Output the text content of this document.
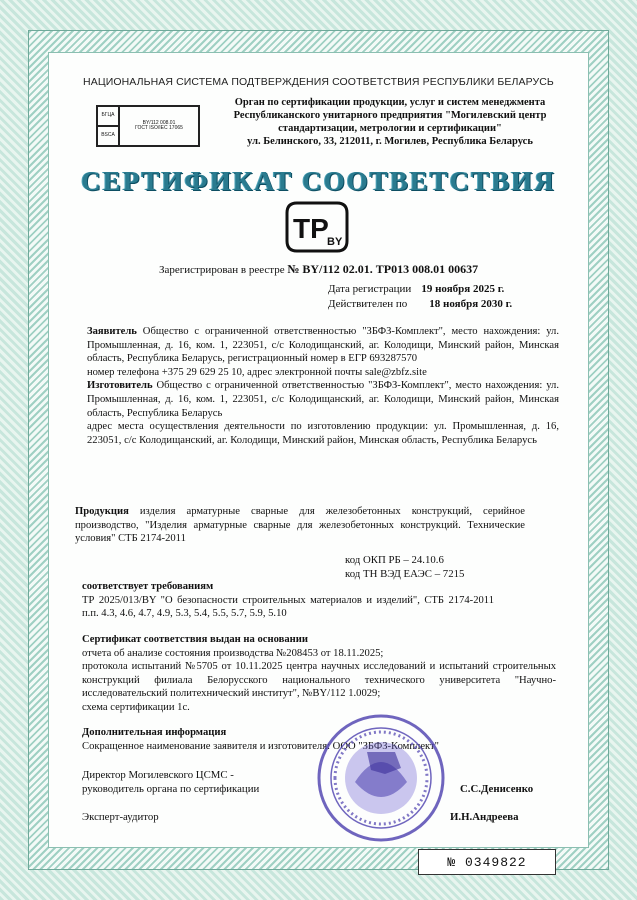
НАЦИОНАЛЬНАЯ СИСТЕМА ПОДТВЕРЖДЕНИЯ СООТВЕТСТВИЯ РЕСПУБЛИКИ БЕЛАРУСЬ
БГЦА
BY/112 008.01
ГОСТ ISO/IEC 17065
BSCA
Орган по сертификации продукции, услуг и систем менеджмента
Республиканского унитарного предприятия "Могилевский центр
стандартизации, метрологии и сертификации"
ул. Белинского, 33, 212011, г. Могилев, Республика Беларусь
СЕРТИФИКАТ СООТВЕТСТВИЯ
TP
BY
Зарегистрирован в реестре № BY/112 02.01. ТР013 008.01 00637
Дата регистрации 19 ноября 2025 г.
Действителен по 18 ноября 2030 г.
Заявитель Общество с ограниченной ответственностью "ЗБФЗ-Комплект", место нахождения: ул. Промышленная, д. 16, ком. 1, 223051, с/с Колодищанский, аг. Колодищи, Минский район, Минская область, Республика Беларусь, регистрационный номер в ЕГР 693287570
номер телефона +375 29 629 25 10, адрес электронной почты sale@zbfz.site
Изготовитель Общество с ограниченной ответственностью "ЗБФЗ-Комплект", место нахождения: ул. Промышленная, д. 16, ком. 1, 223051, с/с Колодищанский, аг. Колодищи, Минский район, Минская область, Республика Беларусь
адрес места осуществления деятельности по изготовлению продукции: ул. Промышленная, д. 16, 223051, с/с Колодищанский, аг. Колодищи, Минский район, Минская область, Республика Беларусь
Продукция изделия арматурные сварные для железобетонных конструкций, серийное производство, "Изделия арматурные сварные для железобетонных конструкций. Технические условия" СТБ 2174-2011
код ОКП РБ – 24.10.6
код ТН ВЭД ЕАЭС – 7215
соответствует требованиям
ТР 2025/013/BY "О безопасности строительных материалов и изделий", СТБ 2174-2011 п.п. 4.3, 4.6, 4.7, 4.9, 5.3, 5.4, 5.5, 5.7, 5.9, 5.10
Сертификат соответствия выдан на основании
отчета об анализе состояния производства №208453 от 18.11.2025;
протокола испытаний №5705 от 10.11.2025 центра научных исследований и испытаний строительных конструкций филиала Белорусского национального технического университета "Научно-исследовательский политехнический институт", №BY/112 1.0029;
схема сертификации 1с.
Дополнительная информация
Сокращенное наименование заявителя и изготовителя: ООО "ЗБФЗ-Комплект"
Директор Могилевского ЦСМС -
руководитель органа по сертификации	С.С.Денисенко
Эксперт-аудитор	И.Н.Андреева
№ 0349822
